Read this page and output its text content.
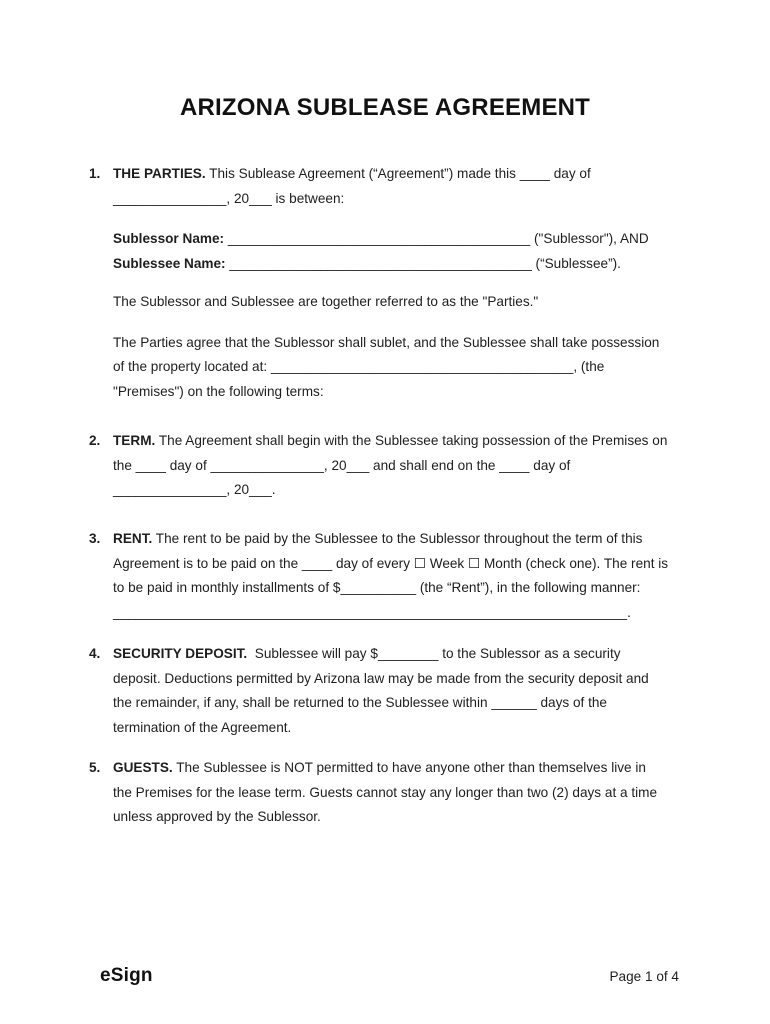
ARIZONA SUBLEASE AGREEMENT
1. THE PARTIES. This Sublease Agreement (“Agreement”) made this ____ day of
_______________, 20___ is between:
Sublessor Name: ________________________________________ ("Sublessor"), AND
Sublessee Name: ________________________________________ (“Sublessee”).
The Sublessor and Sublessee are together referred to as the "Parties."
The Parties agree that the Sublessor shall sublet, and the Sublessee shall take possession
of the property located at: ________________________________________, (the
"Premises") on the following terms:
2. TERM. The Agreement shall begin with the Sublessee taking possession of the Premises on
the ____ day of _______________, 20___ and shall end on the ____ day of
_______________, 20___.
3. RENT. The rent to be paid by the Sublessee to the Sublessor throughout the term of this
Agreement is to be paid on the ____ day of every ☐ Week ☐ Month (check one). The rent is
to be paid in monthly installments of $__________ (the “Rent”), in the following manner:
____________________________________________________________________.
4. SECURITY DEPOSIT.  Sublessee will pay $________ to the Sublessor as a security
deposit. Deductions permitted by Arizona law may be made from the security deposit and
the remainder, if any, shall be returned to the Sublessee within ______ days of the
termination of the Agreement.
5. GUESTS. The Sublessee is NOT permitted to have anyone other than themselves live in
the Premises for the lease term. Guests cannot stay any longer than two (2) days at a time
unless approved by the Sublessor.
eSign	Page 1 of 4
